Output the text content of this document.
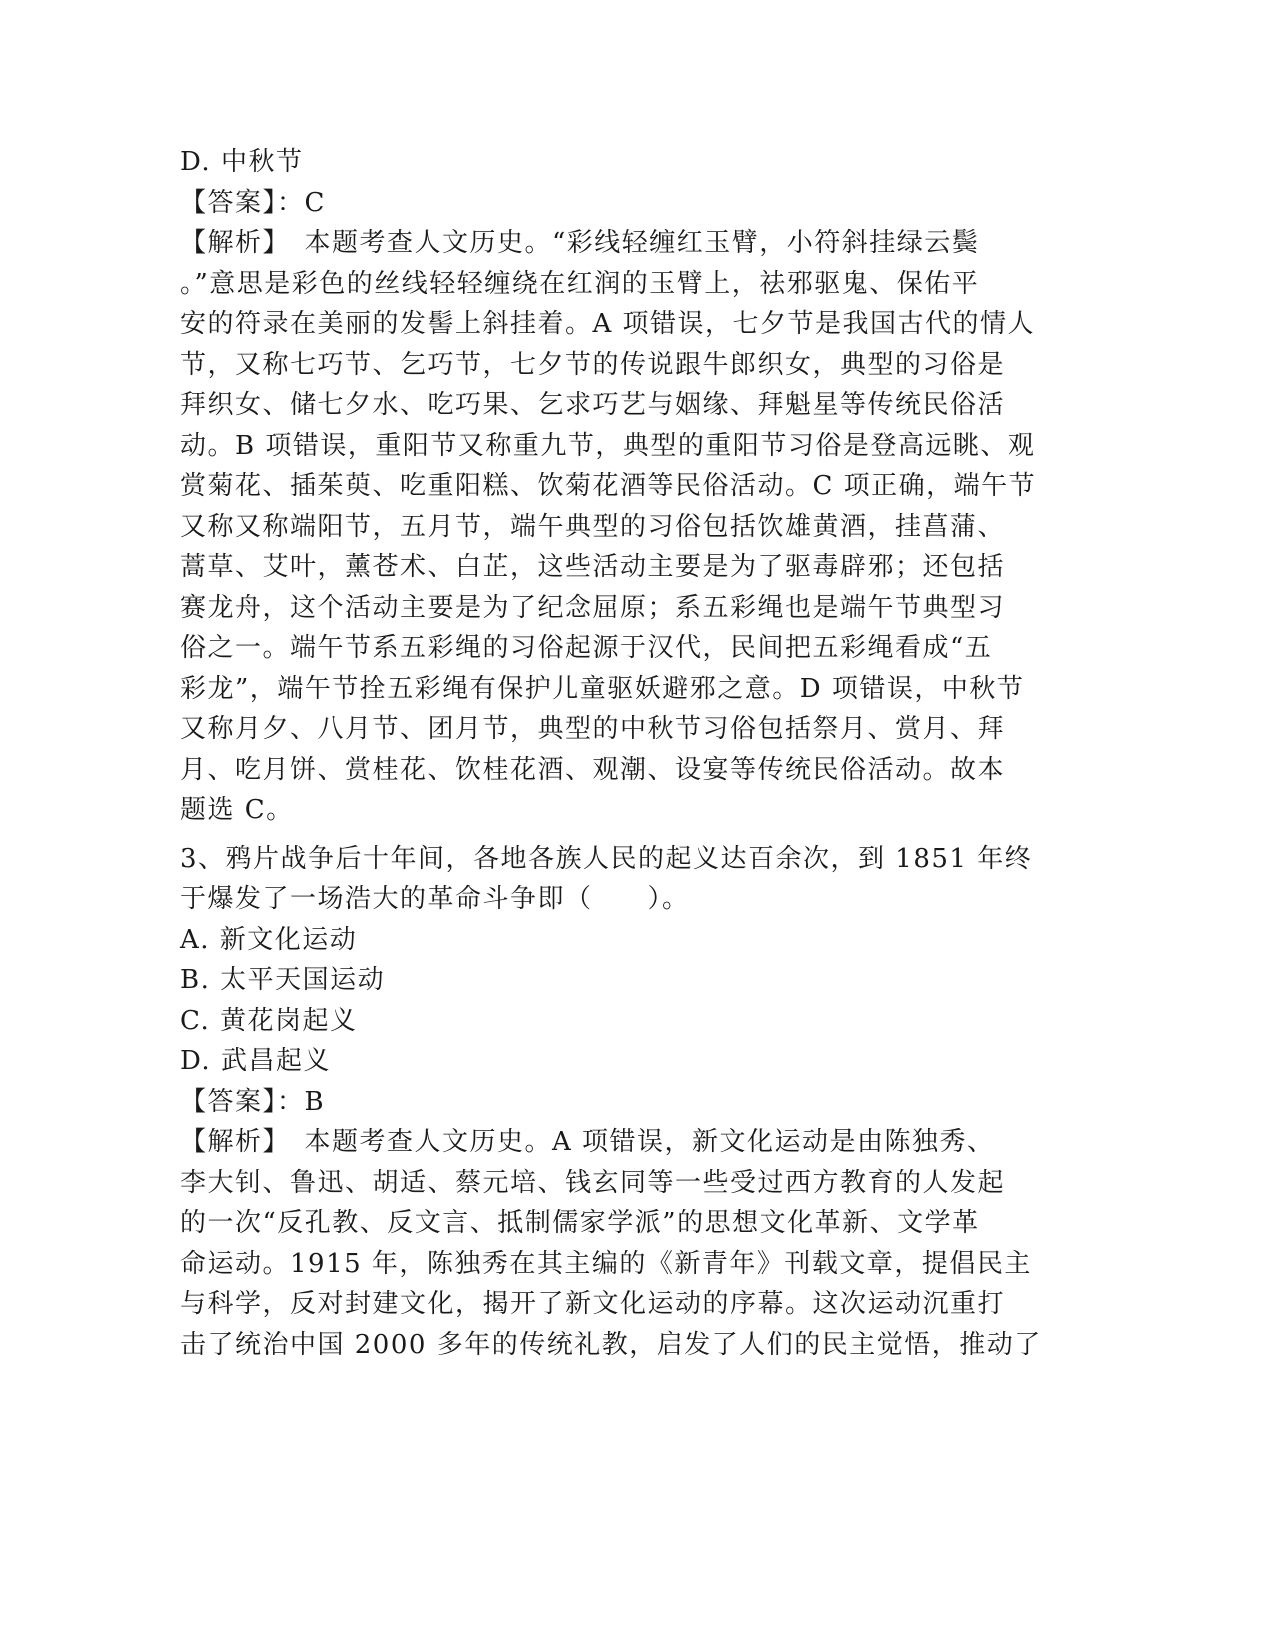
D. 中秋节
【答案】：C
【解析】　本题考查人文历史。“彩线轻缠红玉臂，小符斜挂绿云鬓
。”意思是彩色的丝线轻轻缠绕在红润的玉臂上，祛邪驱鬼、保佑平
安的符录在美丽的发髻上斜挂着。A 项错误，七夕节是我国古代的情人
节，又称七巧节、乞巧节，七夕节的传说跟牛郎织女，典型的习俗是
拜织女、储七夕水、吃巧果、乞求巧艺与姻缘、拜魁星等传统民俗活
动。B 项错误，重阳节又称重九节，典型的重阳节习俗是登高远眺、观
赏菊花、插茱萸、吃重阳糕、饮菊花酒等民俗活动。C 项正确，端午节
又称又称端阳节，五月节，端午典型的习俗包括饮雄黄酒，挂菖蒲、
蒿草、艾叶，薰苍术、白芷，这些活动主要是为了驱毒辟邪；还包括
赛龙舟，这个活动主要是为了纪念屈原；系五彩绳也是端午节典型习
俗之一。端午节系五彩绳的习俗起源于汉代，民间把五彩绳看成“五
彩龙”，端午节拴五彩绳有保护儿童驱妖避邪之意。D 项错误，中秋节
又称月夕、八月节、团月节，典型的中秋节习俗包括祭月、赏月、拜
月、吃月饼、赏桂花、饮桂花酒、观潮、设宴等传统民俗活动。故本
题选 C。
3、鸦片战争后十年间，各地各族人民的起义达百余次，到 1851 年终
于爆发了一场浩大的革命斗争即（　　）。
A. 新文化运动
B. 太平天国运动
C. 黄花岗起义
D. 武昌起义
【答案】：B
【解析】　本题考查人文历史。A 项错误，新文化运动是由陈独秀、
李大钊、鲁迅、胡适、蔡元培、钱玄同等一些受过西方教育的人发起
的一次“反孔教、反文言、抵制儒家学派”的思想文化革新、文学革
命运动。1915 年，陈独秀在其主编的《新青年》刊载文章，提倡民主
与科学，反对封建文化，揭开了新文化运动的序幕。这次运动沉重打
击了统治中国 2000 多年的传统礼教，启发了人们的民主觉悟，推动了
